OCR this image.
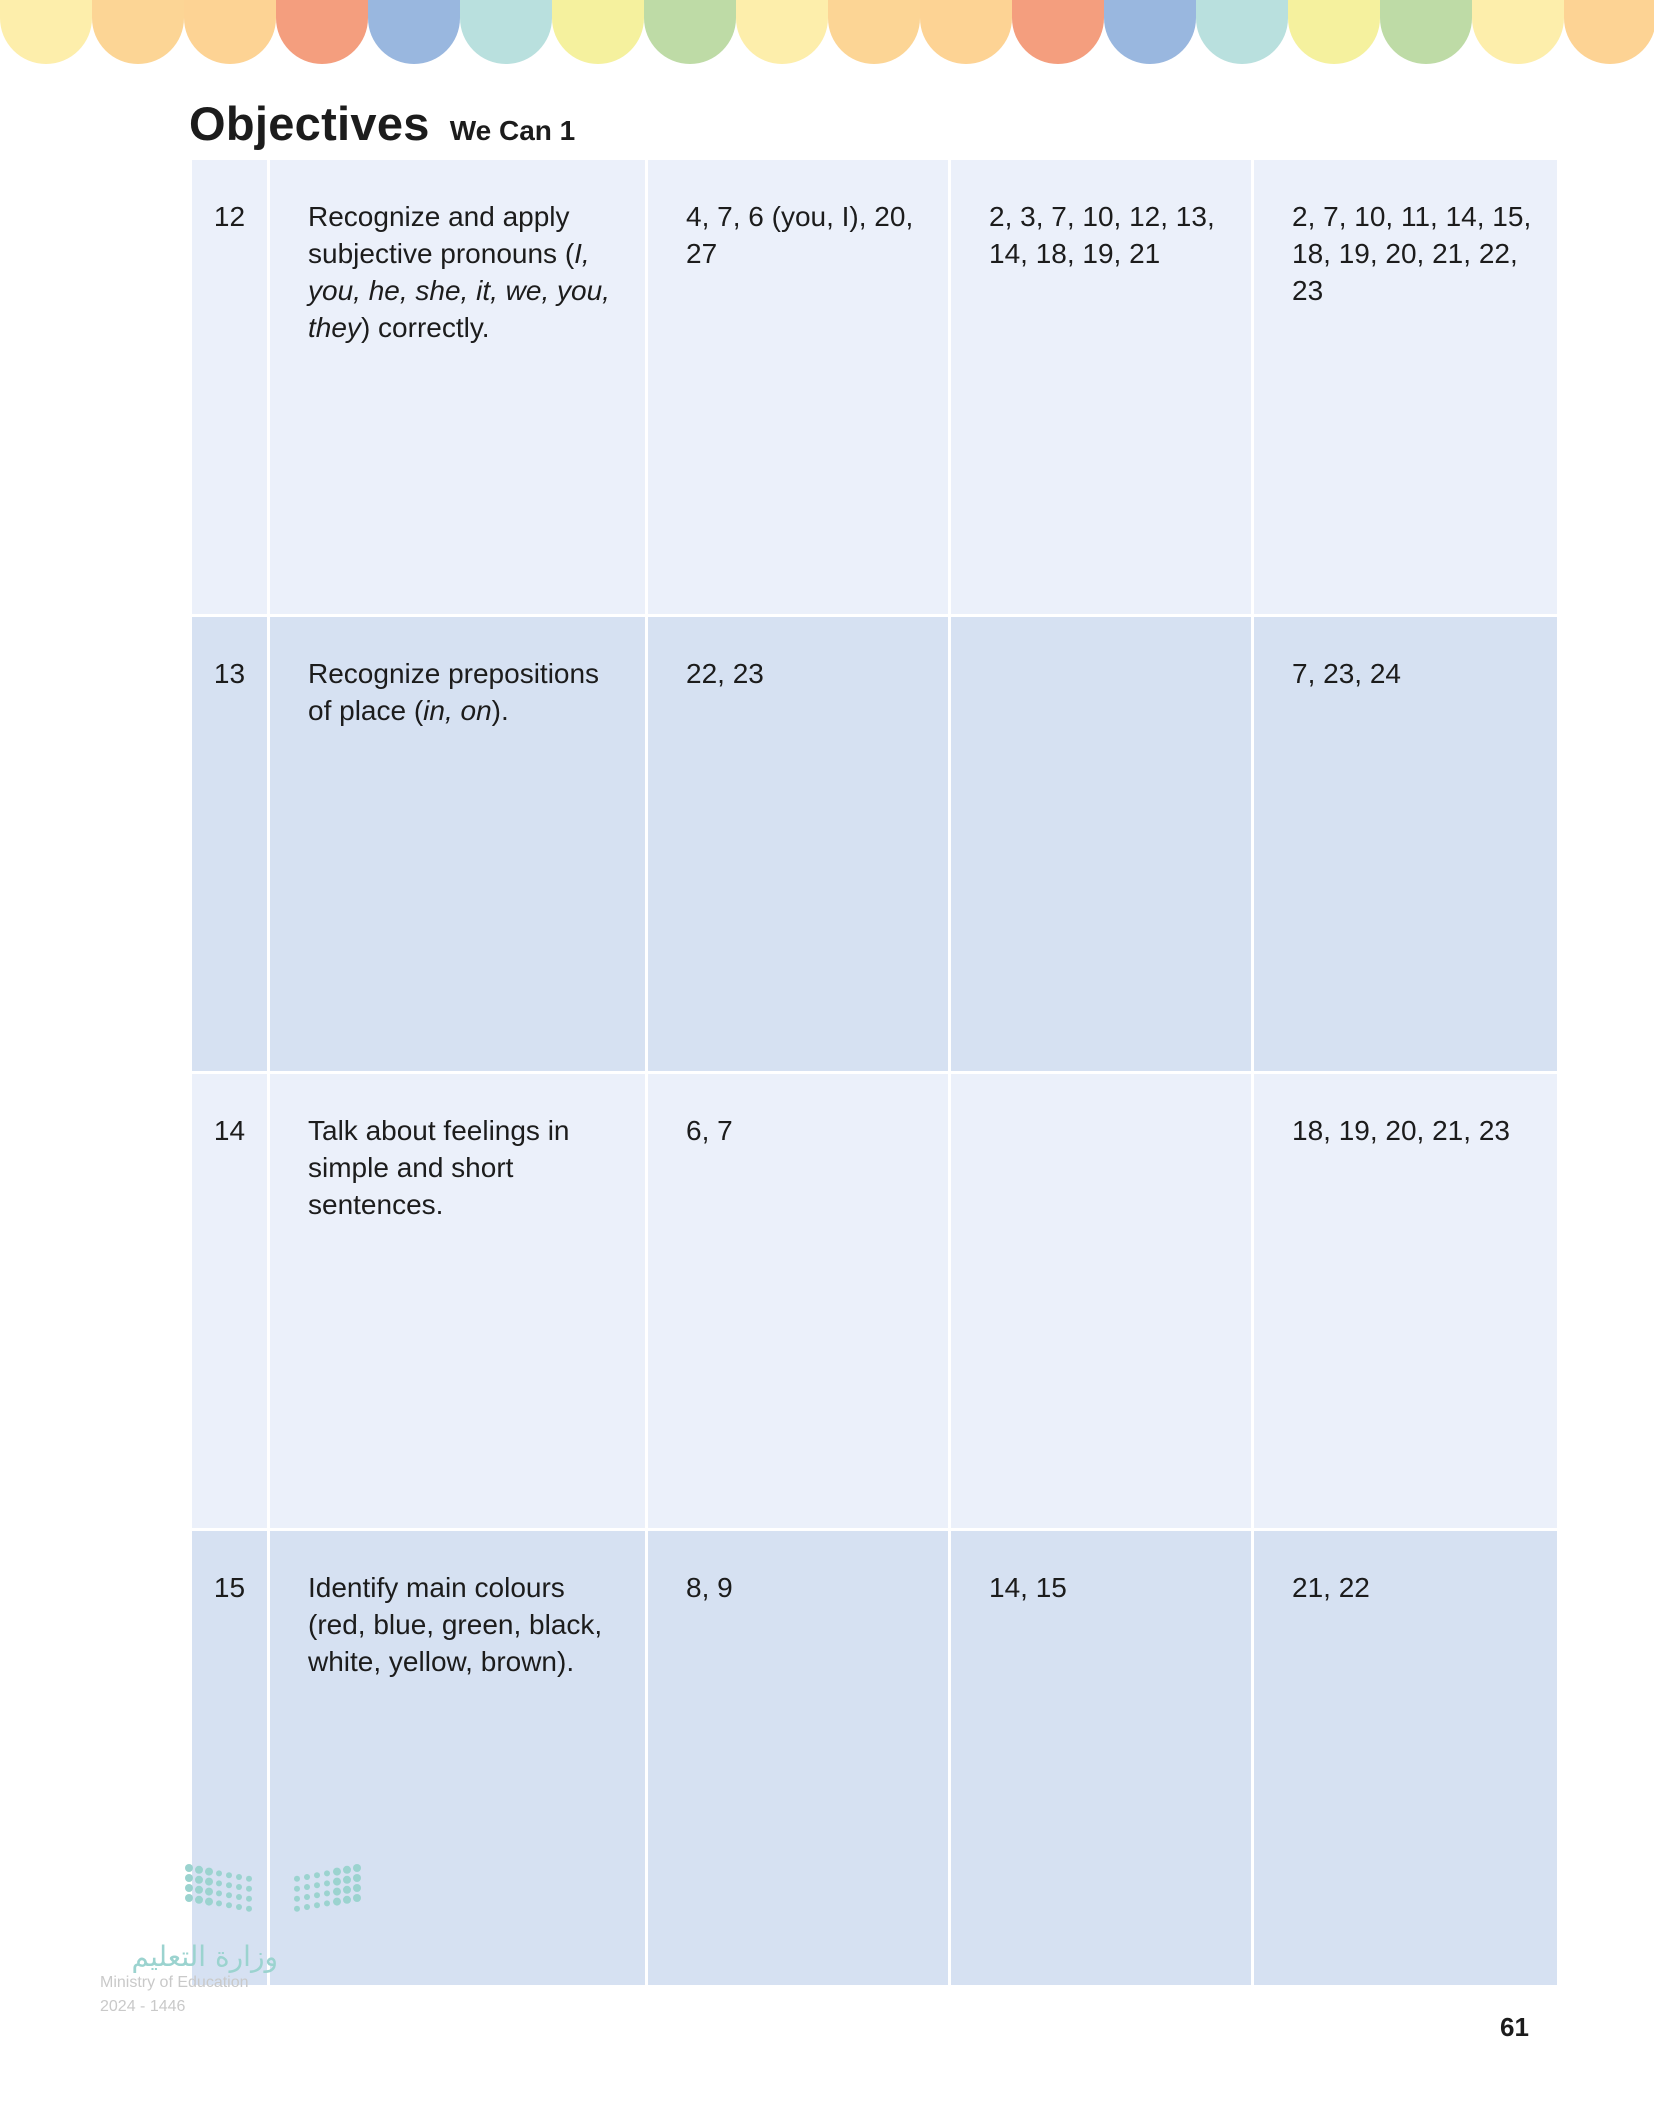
Objectives We Can 1
12	Recognize and apply subjective pronouns (I, you, he, she, it, we, you, they) correctly.	4, 7, 6 (you, I), 20, 27	2, 3, 7, 10, 12, 13, 14, 18, 19, 21	2, 7, 10, 11, 14, 15, 18, 19, 20, 21, 22, 23
13	Recognize prepositions of place (in, on).	22, 23		7, 23, 24
14	Talk about feelings in simple and short sentences.	6, 7		18, 19, 20, 21, 23
15	Identify main colours (red, blue, green, black, white, yellow, brown).	8, 9	14, 15	21, 22
وزارة التعليم
Ministry of Education
2024 - 1446
61
